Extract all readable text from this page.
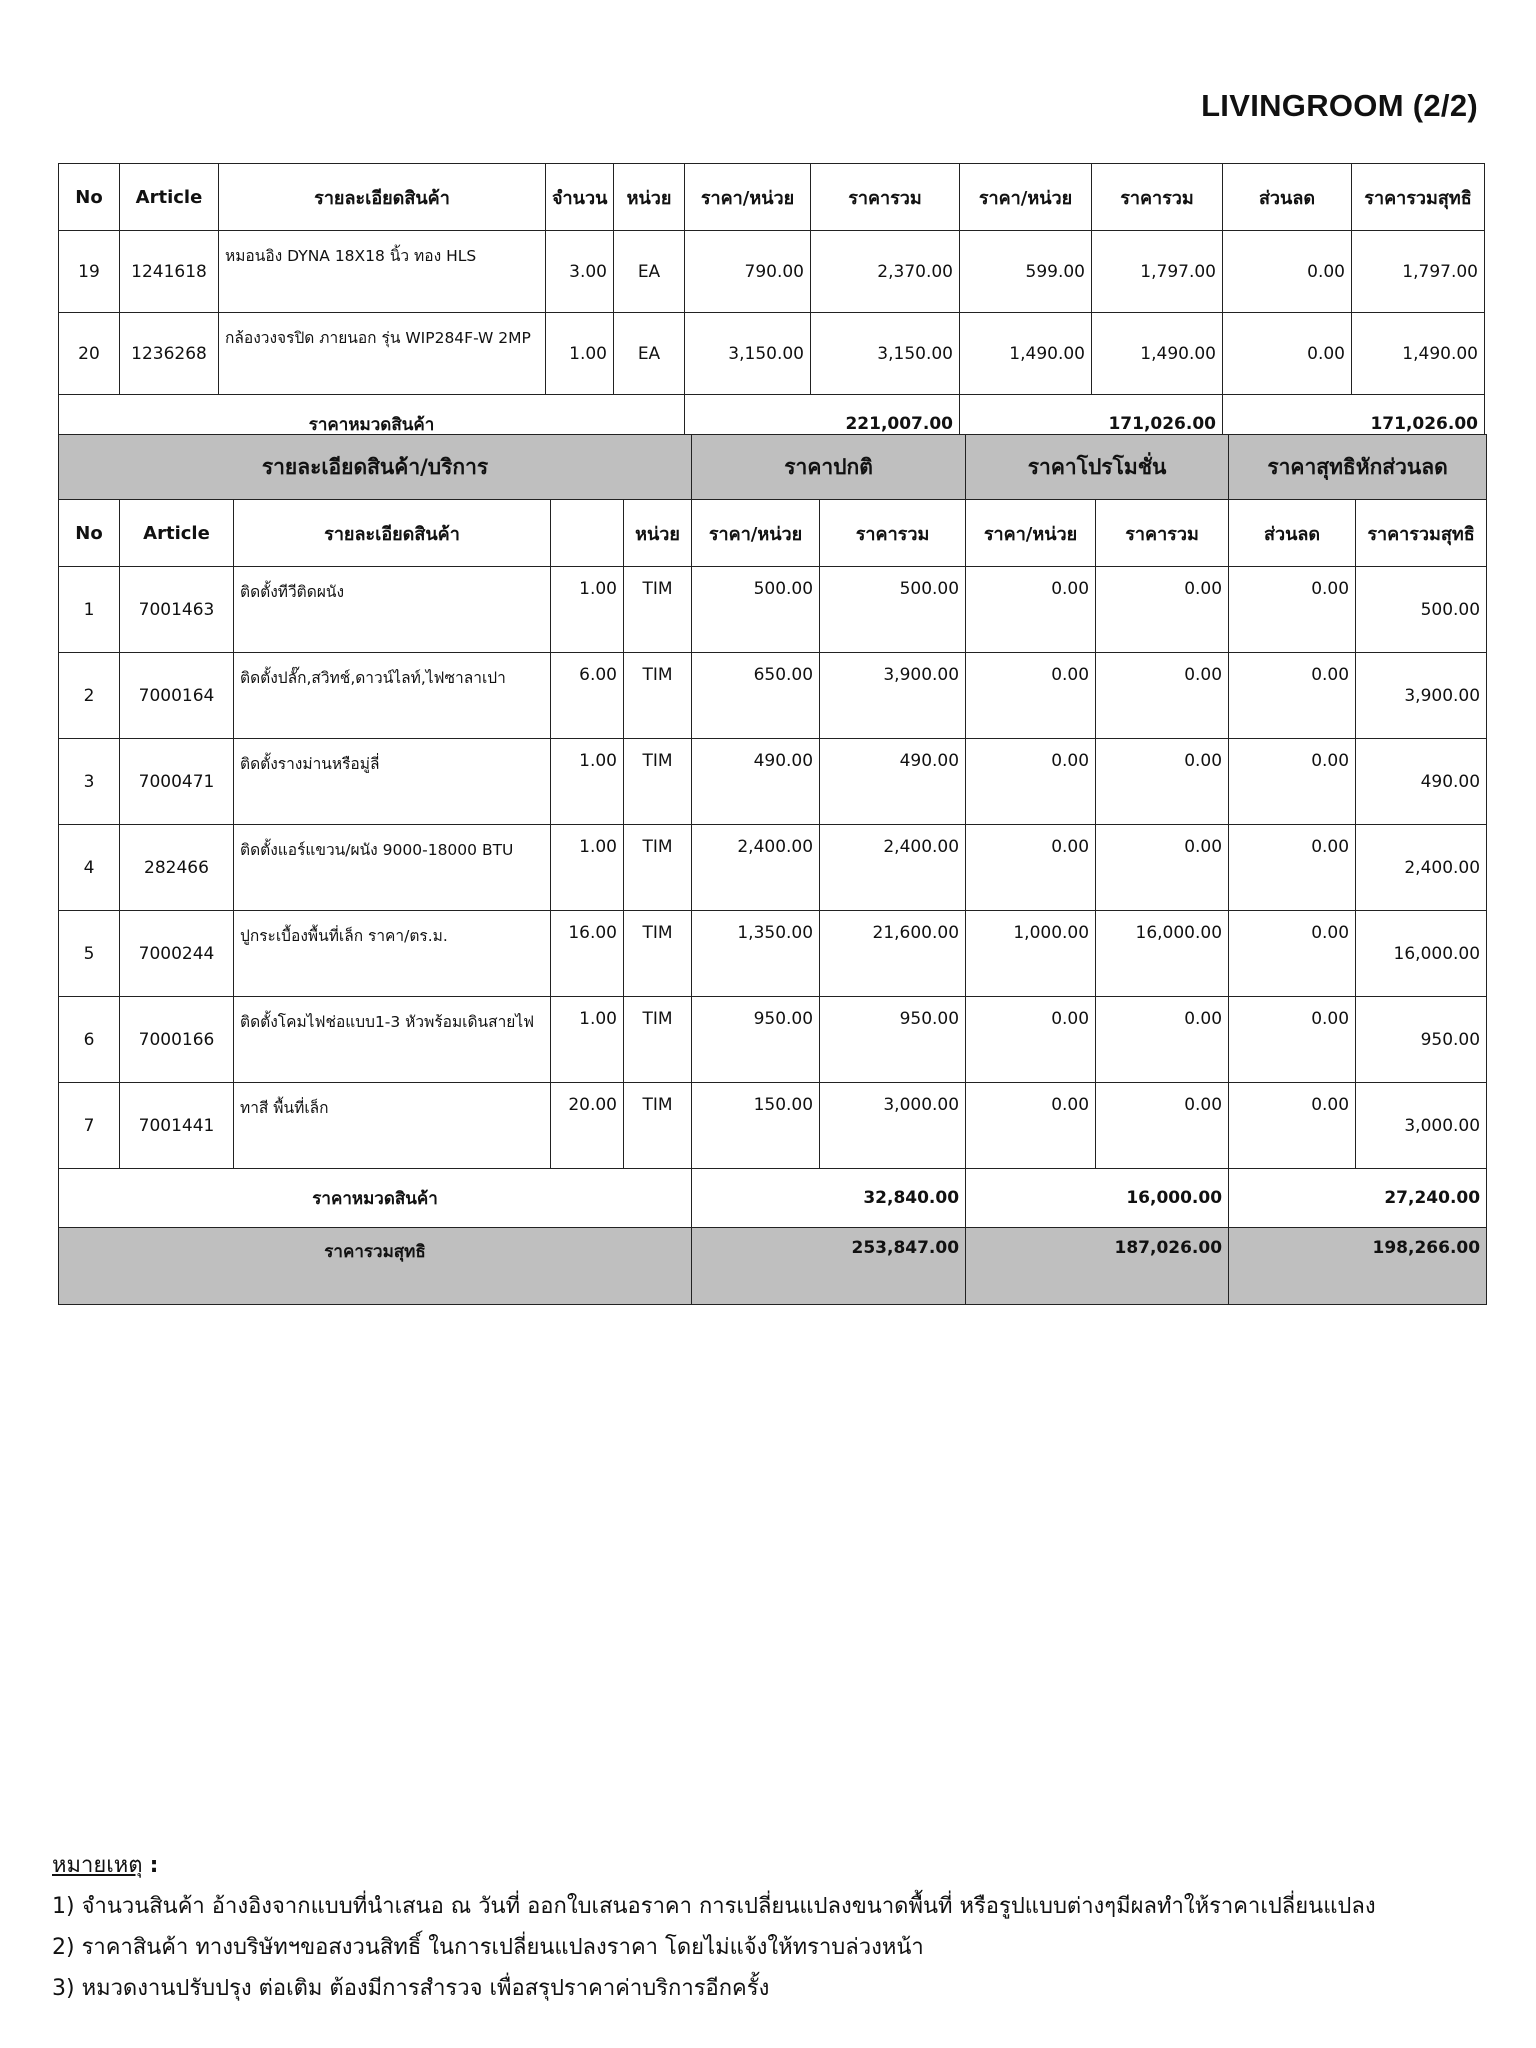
LIVINGROOM (2/2)
No	Article	รายละเอียดสินค้า	จำนวน	หน่วย	ราคา/หน่วย	ราคารวม	ราคา/หน่วย	ราคารวม	ส่วนลด	ราคารวมสุทธิ
19	1241618	หมอนอิง DYNA 18X18 นิ้ว ทอง HLS	3.00	EA	790.00	2,370.00	599.00	1,797.00	0.00	1,797.00
20	1236268	กล้องวงจรปิด ภายนอก รุ่น WIP284F-W 2MP	1.00	EA	3,150.00	3,150.00	1,490.00	1,490.00	0.00	1,490.00
ราคาหมวดสินค้า					221,007.00		171,026.00		171,026.00	
รายละเอียดสินค้า/บริการ					ราคาปกติ		ราคาโปรโมชั่น		ราคาสุทธิหักส่วนลด	
No	Article	รายละเอียดสินค้า		หน่วย	ราคา/หน่วย	ราคารวม	ราคา/หน่วย	ราคารวม	ส่วนลด	ราคารวมสุทธิ
1	7001463	ติดตั้งทีวีติดผนัง	1.00	TIM	500.00	500.00	0.00	0.00	0.00	500.00
2	7000164	ติดตั้งปลั๊ก,สวิทช์,ดาวน์ไลท์,ไฟซาลาเปา	6.00	TIM	650.00	3,900.00	0.00	0.00	0.00	3,900.00
3	7000471	ติดตั้งรางม่านหรือมู่ลี่	1.00	TIM	490.00	490.00	0.00	0.00	0.00	490.00
4	282466	ติดตั้งแอร์แขวน/ผนัง 9000-18000 BTU	1.00	TIM	2,400.00	2,400.00	0.00	0.00	0.00	2,400.00
5	7000244	ปูกระเบื้องพื้นที่เล็ก ราคา/ตร.ม.	16.00	TIM	1,350.00	21,600.00	1,000.00	16,000.00	0.00	16,000.00
6	7000166	ติดตั้งโคมไฟช่อแบบ1-3 หัวพร้อมเดินสายไฟ	1.00	TIM	950.00	950.00	0.00	0.00	0.00	950.00
7	7001441	ทาสี พื้นที่เล็ก	20.00	TIM	150.00	3,000.00	0.00	0.00	0.00	3,000.00
ราคาหมวดสินค้า					32,840.00		16,000.00		27,240.00	
ราคารวมสุทธิ					253,847.00		187,026.00		198,266.00	
หมายเหตุ :
1) จำนวนสินค้า อ้างอิงจากแบบที่นำเสนอ ณ วันที่ ออกใบเสนอราคา การเปลี่ยนแปลงขนาดพื้นที่ หรือรูปแบบต่างๆมีผลทำให้ราคาเปลี่ยนแปลง
2) ราคาสินค้า ทางบริษัทฯขอสงวนสิทธิ์ ในการเปลี่ยนแปลงราคา โดยไม่แจ้งให้ทราบล่วงหน้า
3) หมวดงานปรับปรุง ต่อเติม ต้องมีการสำรวจ เพื่อสรุปราคาค่าบริการอีกครั้ง
